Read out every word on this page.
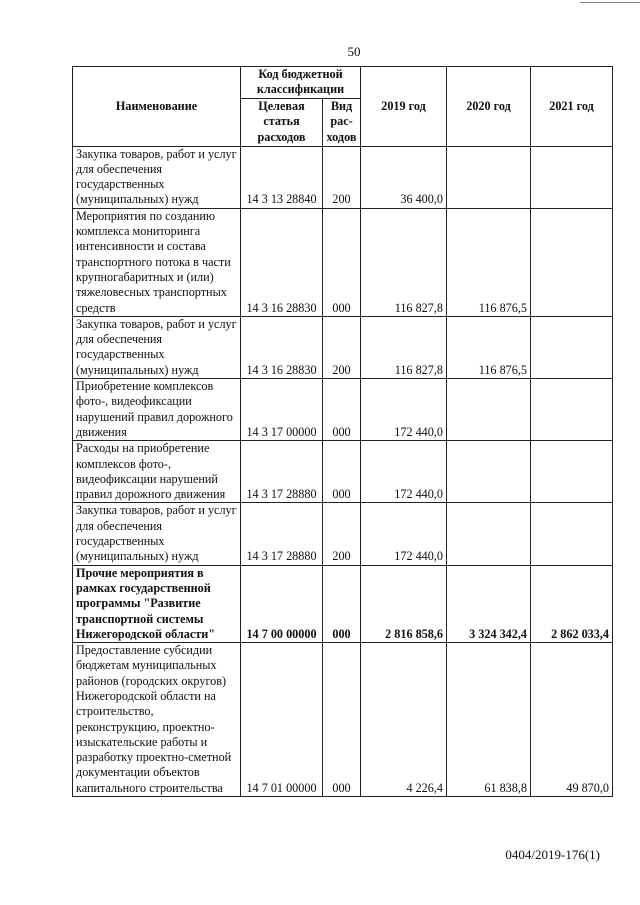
50
Наименование	Код бюджетной классификации		2019 год	2020 год	2021 год
	Целевая статья расходов	Вид рас-ходов			
Закупка товаров, работ и услуг для обеспечения государственных (муниципальных) нужд	14 3 13 28840	200	36 400,0		
Мероприятия по созданию комплекса мониторинга интенсивности и состава транспортного потока в части крупногабаритных и (или) тяжеловесных транспортных средств	14 3 16 28830	000	116 827,8	116 876,5	
Закупка товаров, работ и услуг для обеспечения государственных (муниципальных) нужд	14 3 16 28830	200	116 827,8	116 876,5	
Приобретение комплексов фото-, видеофиксации нарушений правил дорожного движения	14 3 17 00000	000	172 440,0		
Расходы на приобретение комплексов фото-, видеофиксации нарушений правил дорожного движения	14 3 17 28880	000	172 440,0		
Закупка товаров, работ и услуг для обеспечения государственных (муниципальных) нужд	14 3 17 28880	200	172 440,0		
Прочие мероприятия в рамках государственной программы "Развитие транспортной системы Нижегородской области"	14 7 00 00000	000	2 816 858,6	3 324 342,4	2 862 033,4
Предоставление субсидии бюджетам муниципальных районов (городских округов) Нижегородской области на строительство, реконструкцию, проектно-изыскательские работы и разработку проектно-сметной документации объектов капитального строительства	14 7 01 00000	000	4 226,4	61 838,8	49 870,0
0404/2019-176(1)
